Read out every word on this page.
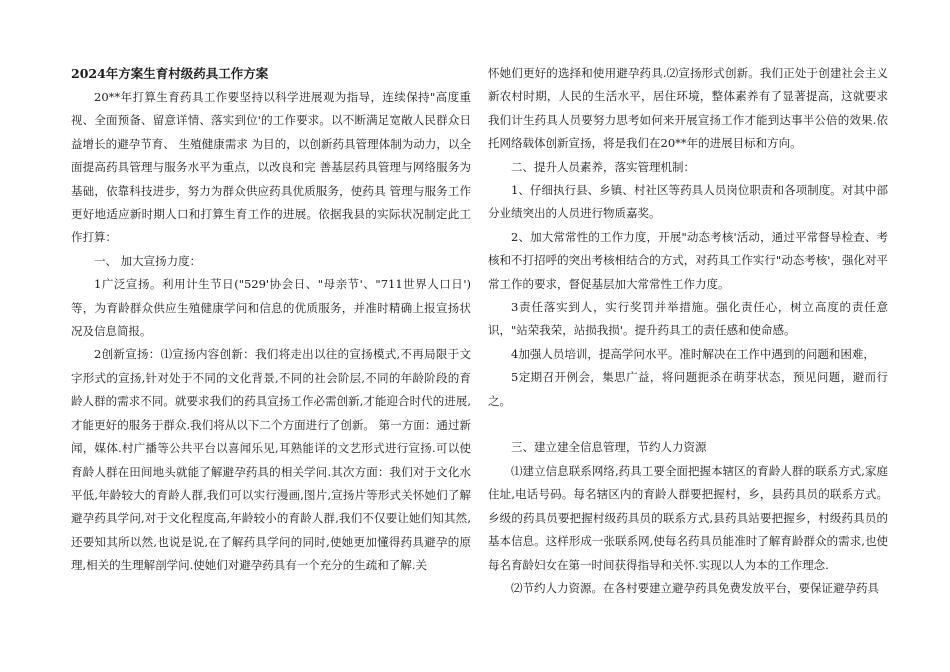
2024年方案生育村级药具工作方案

20**年打算生育药具工作要坚持以科学进展观为指导，连续保持"高度重视、全面预备、留意详情、落实到位'的工作要求。以不断满足宽敞人民群众日益增长的避孕节育、 生殖健康需求 为目的，以创新药具管理体制为动力，以全面提高药具管理与服务水平为重点，以改良和完 善基层药具管理与网络服务为基础，依靠科技进步，努力为群众供应药具优质服务，使药具 管理与服务工作更好地适应新时期人口和打算生育工作的进展。依据我县的实际状况制定此工作打算：

一、 加大宣扬力度：

1广泛宣扬。利用计生节日("529'协会日、"母亲节'、"711世界人口日')等，为育龄群众供应生殖健康学问和信息的优质服务，并准时精确上报宣扬状况及信息简报。

2创新宣扬：⑴宣扬内容创新：我们将走出以往的宣扬模式,不再局限于文字形式的宣扬,针对处于不同的文化背景,不同的社会阶层,不同的年龄阶段的育龄人群的需求不同。就要求我们的药具宣扬工作必需创新,才能迎合时代的进展,才能更好的服务于群众.我们将从以下二个方面进行了创新。 第一方面：通过新闻，媒体.村广播等公共平台以喜闻乐见,耳熟能详的文艺形式进行宣扬.可以使育龄人群在田间地头就能了解避孕药具的相关学问.其次方面：我们对于文化水平低,年龄较大的育龄人群,我们可以实行漫画,图片,宣扬片等形式关怀她们了解避孕药具学问,对于文化程度高,年龄较小的育龄人群,我们不仅要让她们知其然,还要知其所以然,也说是说,在了解药具学问的同时,使她更加懂得药具避孕的原理,相关的生理解剖学问.使她们对避孕药具有一个充分的生疏和了解.关

怀她们更好的选择和使用避孕药具.⑵宣扬形式创新。我们正处于创建社会主义新农村时期，人民的生活水平，居住环境，整体素养有了显著提高，这就要求我们计生药具人员要努力思考如何来开展宣扬工作才能到达事半公倍的效果.依托网络载体创新宣扬，将是我们在20**年的进展目标和方向。

二、提升人员素养，落实管理机制：

1、仔细执行县、乡镇、村社区等药具人员岗位职责和各项制度。对其中部分业绩突出的人员进行物质嘉奖。

2、加大常常性的工作力度，开展"动态考核'活动，通过平常督导检查、考核和不打招呼的突出考核相结合的方式，对药具工作实行"动态考核'，强化对平常工作的要求，督促基层加大常常性工作力度。

3责任落实到人，实行奖罚并举措施。强化责任心，树立高度的责任意识，"站荣我荣，站损我损'。提升药具工的责任感和使命感。

4加强人员培训，提高学问水平。准时解决在工作中遇到的问题和困难，

5定期召开例会，集思广益，将问题扼杀在萌芽状态，预见问题，避而行之。

三、建立建全信息管理，节约人力资源

⑴建立信息联系网络,药具工要全面把握本辖区的育龄人群的联系方式,家庭住址,电话号码。每名辖区内的育龄人群要把握村，乡，县药具员的联系方式。乡级的药具员要把握村级药具员的联系方式,县药具站要把握乡，村级药具员的基本信息。这样形成一张联系网,使每名药具员能准时了解育龄群众的需求,也使每名育龄妇女在第一时间获得指导和关怀.实现以人为本的工作理念.

⑵节约人力资源。在各村要建立避孕药具免费发放平台，要保证避孕药具
